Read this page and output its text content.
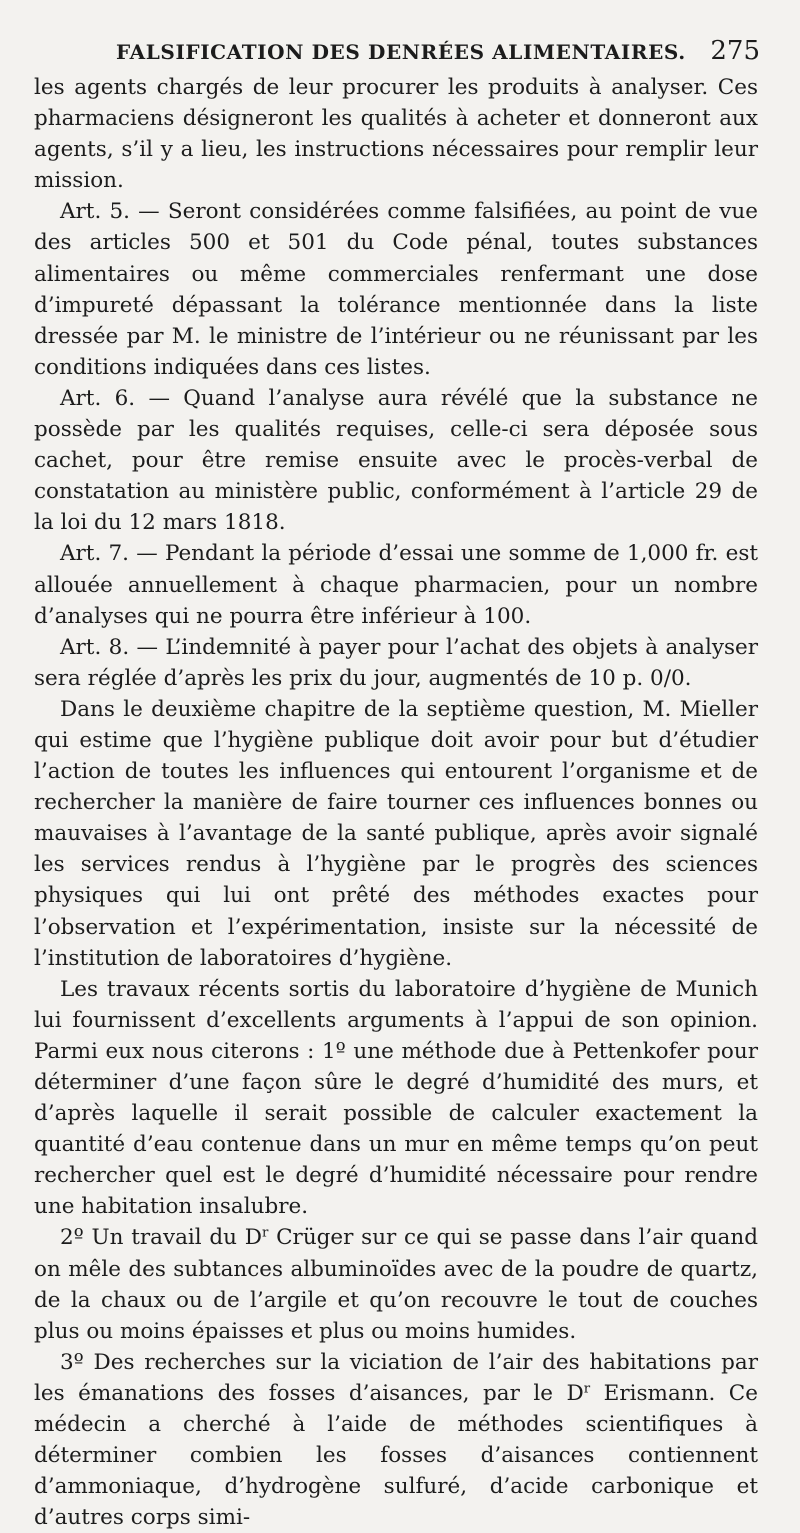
FALSIFICATION DES DENRÉES ALIMENTAIRES. 275

les agents chargés de leur procurer les produits à analyser. Ces pharmaciens désigneront les qualités à acheter et donneront aux agents, s’il y a lieu, les instructions nécessaires pour remplir leur mission.

Art. 5. — Seront considérées comme falsifiées, au point de vue des articles 500 et 501 du Code pénal, toutes substances alimentaires ou même commerciales renfermant une dose d’impureté dépassant la tolérance mentionnée dans la liste dressée par M. le ministre de l’intérieur ou ne réunissant par les conditions indiquées dans ces listes.

Art. 6. — Quand l’analyse aura révélé que la substance ne possède par les qualités requises, celle-ci sera déposée sous cachet, pour être remise ensuite avec le procès-verbal de constatation au ministère public, conformément à l’article 29 de la loi du 12 mars 1818.

Art. 7. — Pendant la période d’essai une somme de 1,000 fr. est allouée annuellement à chaque pharmacien, pour un nombre d’analyses qui ne pourra être inférieur à 100.

Art. 8. — L’indemnité à payer pour l’achat des objets à analyser sera réglée d’après les prix du jour, augmentés de 10 p. 0/0.

Dans le deuxième chapitre de la septième question, M. Mieller qui estime que l’hygiène publique doit avoir pour but d’étudier l’action de toutes les influences qui entourent l’organisme et de rechercher la manière de faire tourner ces influences bonnes ou mauvaises à l’avantage de la santé publique, après avoir signalé les services rendus à l’hygiène par le progrès des sciences physiques qui lui ont prêté des méthodes exactes pour l’observation et l’expérimentation, insiste sur la nécessité de l’institution de laboratoires d’hygiène.

Les travaux récents sortis du laboratoire d’hygiène de Munich lui fournissent d’excellents arguments à l’appui de son opinion. Parmi eux nous citerons : 1º une méthode due à Pettenkofer pour déterminer d’une façon sûre le degré d’humidité des murs, et d’après laquelle il serait possible de calculer exactement la quantité d’eau contenue dans un mur en même temps qu’on peut rechercher quel est le degré d’humidité nécessaire pour rendre une habitation insalubre.

2º Un travail du $D^r$ Crüger sur ce qui se passe dans l’air quand on mêle des subtances albuminoïdes avec de la poudre de quartz, de la chaux ou de l’argile et qu’on recouvre le tout de couches plus ou moins épaisses et plus ou moins humides.

3º Des recherches sur la viciation de l’air des habitations par les émanations des fosses d’aisances, par le $D^r$ Erismann. Ce médecin a cherché à l’aide de méthodes scientifiques à déterminer combien les fosses d’aisances contiennent d’ammoniaque, d’hydrogène sulfuré, d’acide carbonique et d’autres corps simi-
